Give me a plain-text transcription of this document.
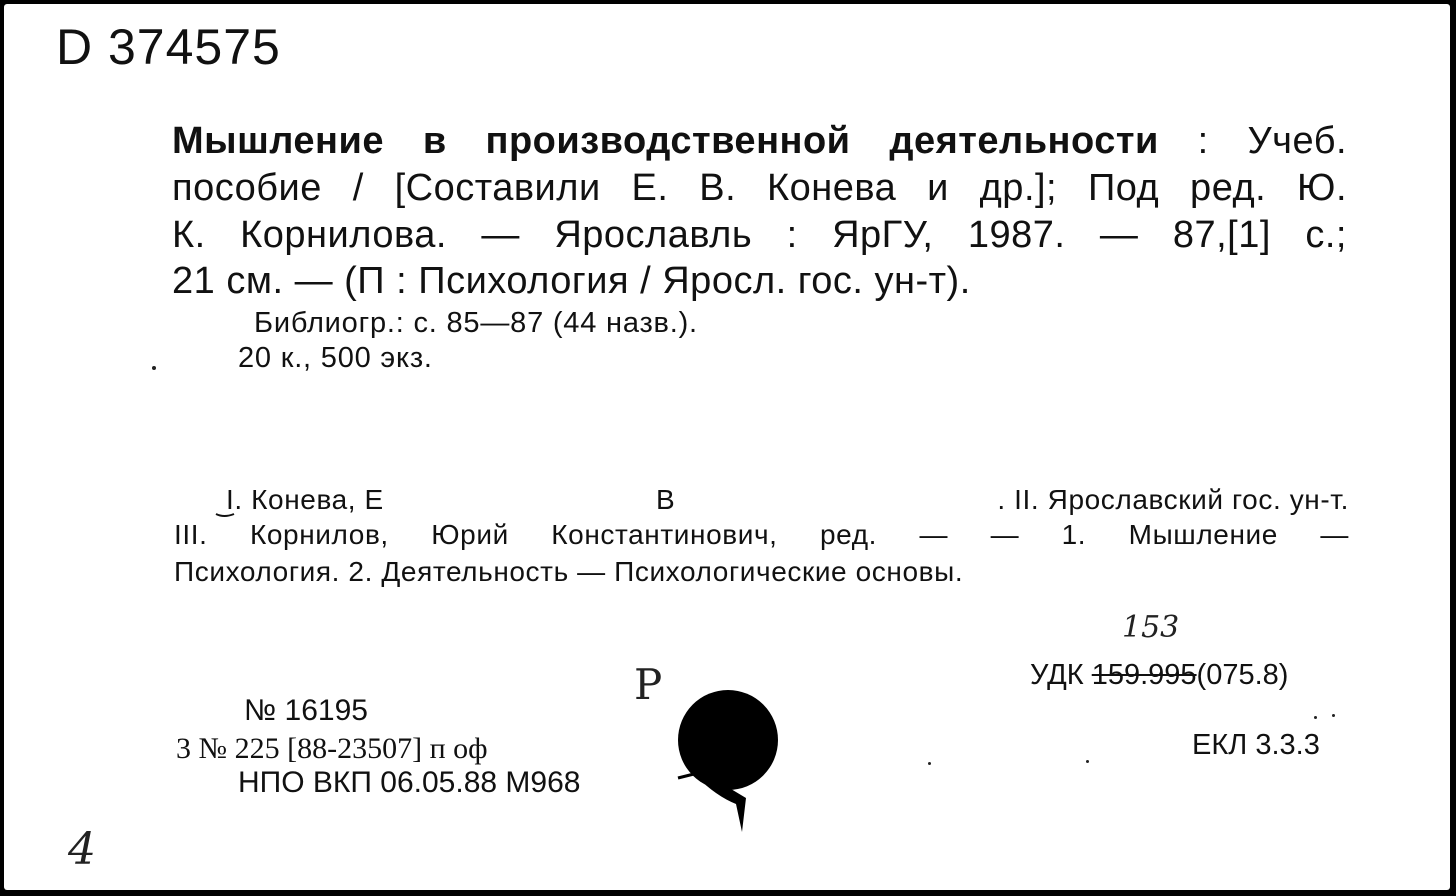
D 374575
Мышление в производственной деятельности : Учеб.
пособие / [Составили Е. В. Конева и др.]; Под ред. Ю.
К. Корнилова. — Ярославль : ЯрГУ, 1987. — 87,[1] с.;
21 см. — (П : Психология / Яросл. гос. ун-т).
Библиогр.: с. 85—87 (44 назв.).
20 к., 500 экз.
I. Конева, Е	В	. II. Ярославский гос. ун-т.
III. Корнилов, Юрий Константинович, ред. — — 1. Мышление —
Психология. 2. Деятельность — Психологические основы.
153
УДК 159.995(075.8)
ЕКЛ 3.3.3
№ 16195
3 № 225 [88-23507] п оф
НПО ВКП 06.05.88 М968
Р
4
